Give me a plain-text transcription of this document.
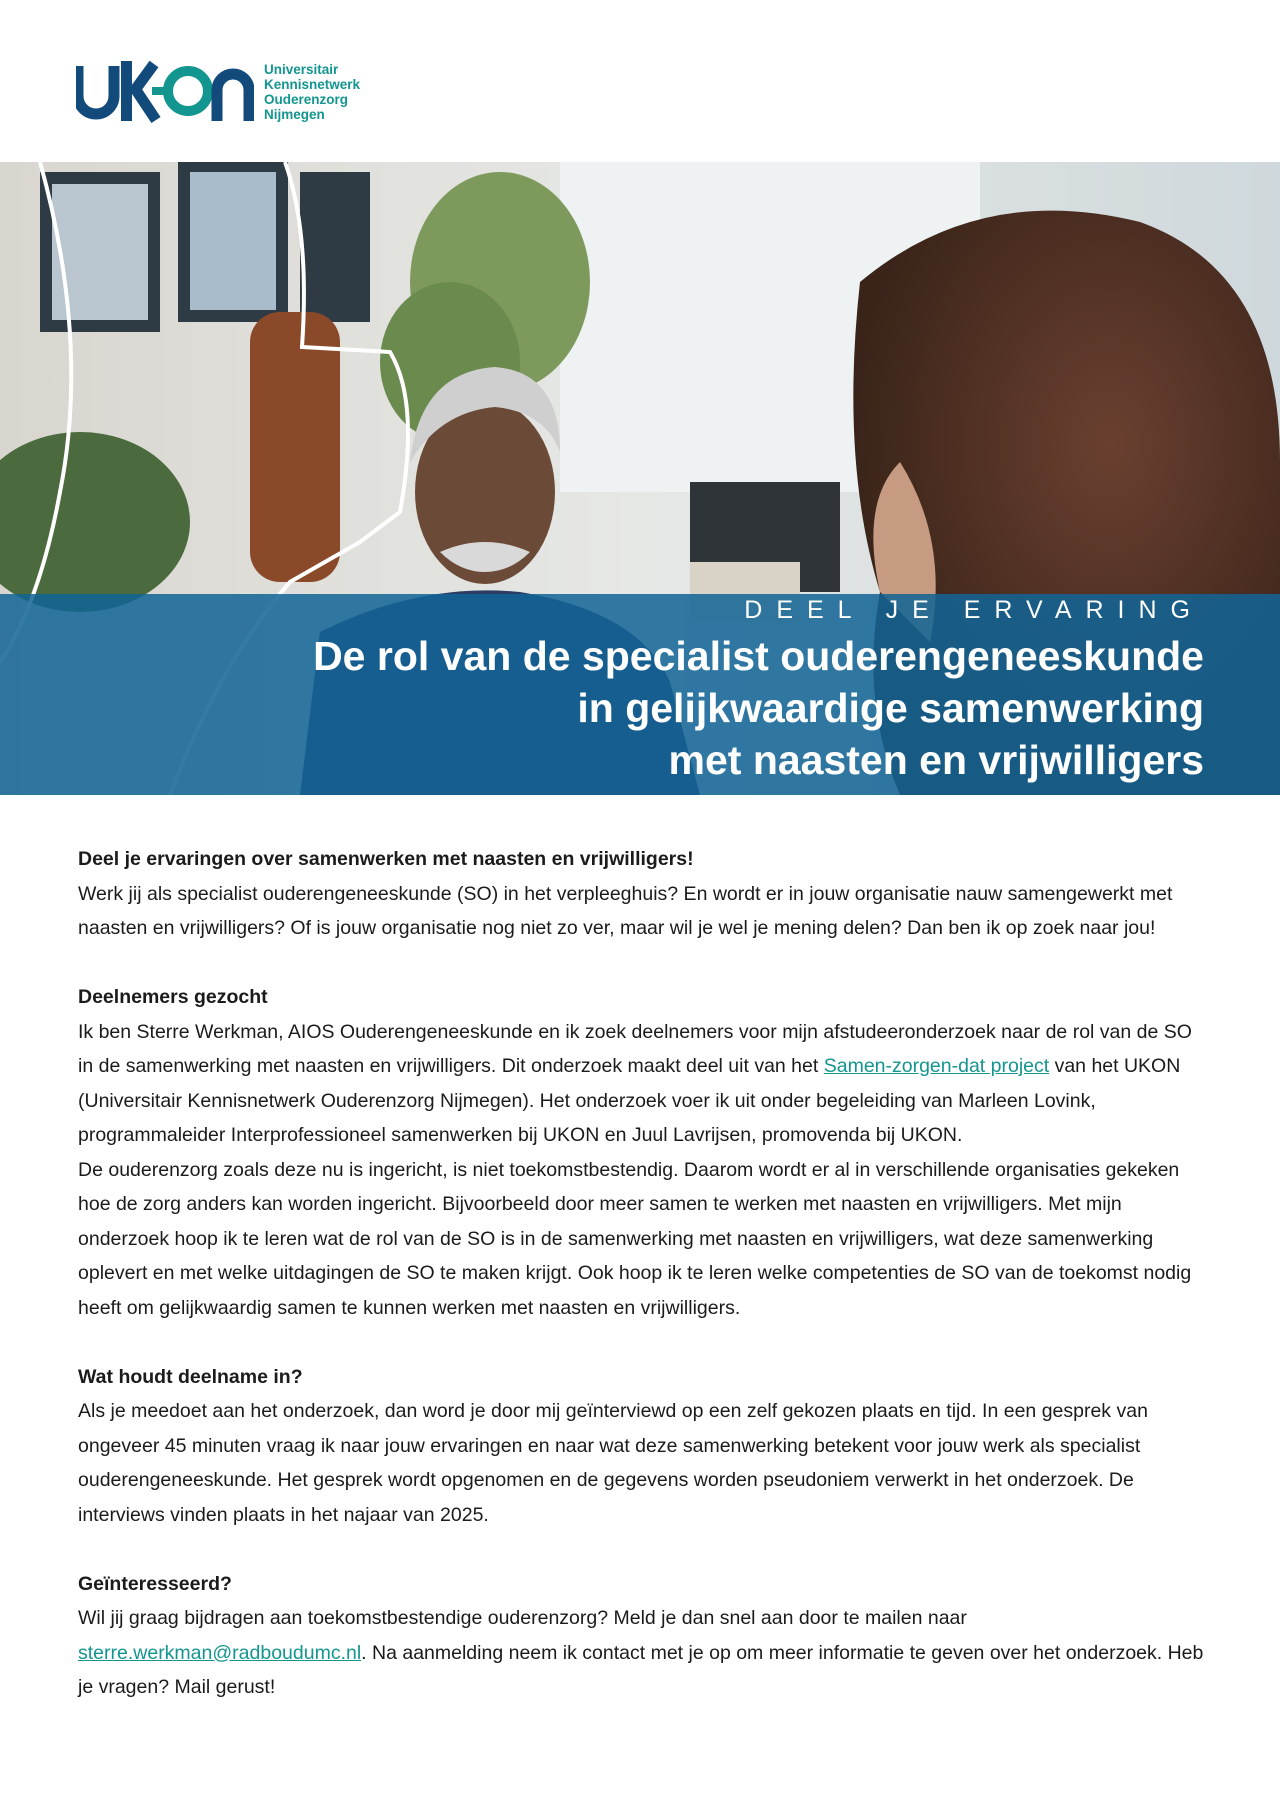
Universitair
Kennisnetwerk
Ouderenzorg
Nijmegen
DEEL JE ERVARING
De rol van de specialist ouderengeneeskunde
in gelijkwaardige samenwerking
met naasten en vrijwilligers
Deel je ervaringen over samenwerken met naasten en vrijwilligers!

Werk jij als specialist ouderengeneeskunde (SO) in het verpleeghuis? En wordt er in jouw organisatie nauw samengewerkt met naasten en vrijwilligers? Of is jouw organisatie nog niet zo ver, maar wil je wel je mening delen? Dan ben ik op zoek naar jou!

Deelnemers gezocht

Ik ben Sterre Werkman, AIOS Ouderengeneeskunde en ik zoek deelnemers voor mijn afstudeeronderzoek naar de rol van de SO in de samenwerking met naasten en vrijwilligers. Dit onderzoek maakt deel uit van het Samen-zorgen-dat project van het UKON (Universitair Kennisnetwerk Ouderenzorg Nijmegen). Het onderzoek voer ik uit onder begeleiding van Marleen Lovink, programmaleider Interprofessioneel samenwerken bij UKON en Juul Lavrijsen, promovenda bij UKON.

De ouderenzorg zoals deze nu is ingericht, is niet toekomstbestendig. Daarom wordt er al in verschillende organisaties gekeken hoe de zorg anders kan worden ingericht. Bijvoorbeeld door meer samen te werken met naasten en vrijwilligers. Met mijn onderzoek hoop ik te leren wat de rol van de SO is in de samenwerking met naasten en vrijwilligers, wat deze samenwerking oplevert en met welke uitdagingen de SO te maken krijgt. Ook hoop ik te leren welke competenties de SO van de toekomst nodig heeft om gelijkwaardig samen te kunnen werken met naasten en vrijwilligers.

Wat houdt deelname in?

Als je meedoet aan het onderzoek, dan word je door mij geïnterviewd op een zelf gekozen plaats en tijd. In een gesprek van ongeveer 45 minuten vraag ik naar jouw ervaringen en naar wat deze samenwerking betekent voor jouw werk als specialist ouderengeneeskunde. Het gesprek wordt opgenomen en de gegevens worden pseudoniem verwerkt in het onderzoek. De interviews vinden plaats in het najaar van 2025.

Geïnteresseerd?

Wil jij graag bijdragen aan toekomstbestendige ouderenzorg? Meld je dan snel aan door te mailen naar sterre.werkman@radboudumc.nl. Na aanmelding neem ik contact met je op om meer informatie te geven over het onderzoek. Heb je vragen? Mail gerust!
